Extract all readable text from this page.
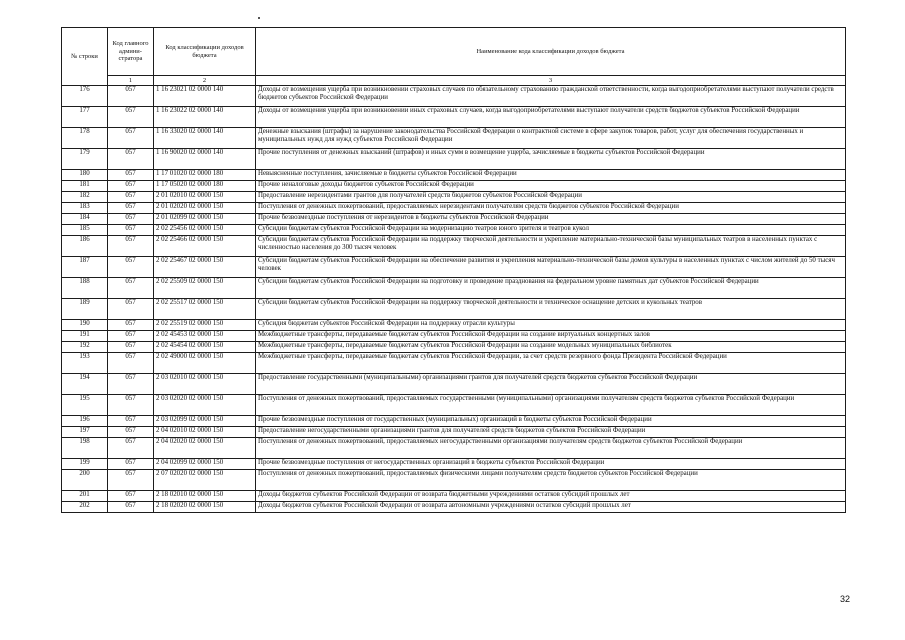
№ строки	Код главного админи-стратора	Код классификации доходов бюджета	Наименование кода классификации доходов бюджета
	1	2	3
176	057	1 16 23021 02 0000 140	Доходы от возмещения ущерба при возникновении страховых случаев по обязательному страхованию гражданской ответственности, когда выгодоприобретателями выступают получатели средств бюджетов субъектов Российской Федерации
177	057	1 16 23022 02 0000 140	Доходы от возмещения ущерба при возникновении иных страховых случаев, когда выгодоприобретателями выступают получатели средств бюджетов субъектов Российской Федерации
178	057	1 16 33020 02 0000 140	Денежные взыскания (штрафы) за нарушение законодательства Российской Федерации о контрактной системе в сфере закупок товаров, работ, услуг для обеспечения государственных и муниципальных нужд для нужд субъектов Российской Федерации
179	057	1 16 90020 02 0000 140	Прочие поступления от денежных взысканий (штрафов) и иных сумм в возмещение ущерба, зачисляемые в бюджеты субъектов Российской Федерации
180	057	1 17 01020 02 0000 180	Невыясненные поступления, зачисляемые в бюджеты субъектов Российской Федерации
181	057	1 17 05020 02 0000 180	Прочие неналоговые доходы бюджетов субъектов Российской Федерации
182	057	2 01 02010 02 0000 150	Предоставление нерезидентами грантов для получателей средств бюджетов субъектов Российской Федерации
183	057	2 01 02020 02 0000 150	Поступления от денежных пожертвований, предоставляемых нерезидентами получателям средств бюджетов субъектов Российской Федерации
184	057	2 01 02099 02 0000 150	Прочие безвозмездные поступления от нерезидентов в бюджеты субъектов Российской Федерации
185	057	2 02 25456 02 0000 150	Субсидии бюджетам субъектов Российской Федерации на модернизацию театров юного зрителя и театров кукол
186	057	2 02 25466 02 0000 150	Субсидии бюджетам субъектов Российской Федерации на поддержку творческой деятельности и укрепление материально-технической базы муниципальных театров в населенных пунктах с численностью населения до 300 тысяч человек
187	057	2 02 25467 02 0000 150	Субсидии бюджетам субъектов Российской Федерации на обеспечение развития и укрепления материально-технической базы домов культуры в населенных пунктах с числом жителей до 50 тысяч человек
188	057	2 02 25509 02 0000 150	Субсидии бюджетам субъектов Российской Федерации на подготовку и проведение празднования на федеральном уровне памятных дат субъектов Российской Федерации
189	057	2 02 25517 02 0000 150	Субсидии бюджетам субъектов Российской Федерации на поддержку творческой деятельности и техническое оснащение детских и кукольных театров
190	057	2 02 25519 02 0000 150	Субсидия бюджетам субъектов Российской Федерации на поддержку отрасли культуры
191	057	2 02 45453 02 0000 150	Межбюджетные трансферты, передаваемые бюджетам субъектов Российской Федерации на создание виртуальных концертных залов
192	057	2 02 45454 02 0000 150	Межбюджетные трансферты, передаваемые бюджетам субъектов Российской Федерации на создание модельных муниципальных библиотек
193	057	2 02 49000 02 0000 150	Межбюджетные трансферты, передаваемые бюджетам субъектов Российской Федерации, за счет средств резервного фонда Президента Российской Федерации
194	057	2 03 02010 02 0000 150	Предоставление государственными (муниципальными) организациями грантов для получателей средств бюджетов субъектов Российской Федерации
195	057	2 03 02020 02 0000 150	Поступления от денежных пожертвований, предоставляемых государственными (муниципальными) организациями получателям средств бюджетов субъектов Российской Федерации
196	057	2 03 02099 02 0000 150	Прочие безвозмездные поступления от государственных (муниципальных) организаций в бюджеты субъектов Российской Федерации
197	057	2 04 02010 02 0000 150	Предоставление негосударственными организациями грантов для получателей средств бюджетов субъектов Российской Федерации
198	057	2 04 02020 02 0000 150	Поступления от денежных пожертвований, предоставляемых негосударственными организациями получателям средств бюджетов субъектов Российской Федерации
199	057	2 04 02099 02 0000 150	Прочие безвозмездные поступления от негосударственных организаций в бюджеты субъектов Российской Федерации
200	057	2 07 02020 02 0000 150	Поступления от денежных пожертвований, предоставляемых физическими лицами получателям средств бюджетов субъектов Российской Федерации
201	057	2 18 02010 02 0000 150	Доходы бюджетов субъектов Российской Федерации от возврата бюджетными учреждениями остатков субсидий прошлых лет
202	057	2 18 02020 02 0000 150	Доходы бюджетов субъектов Российской Федерации от возврата автономными учреждениями остатков субсидий прошлых лет
32
